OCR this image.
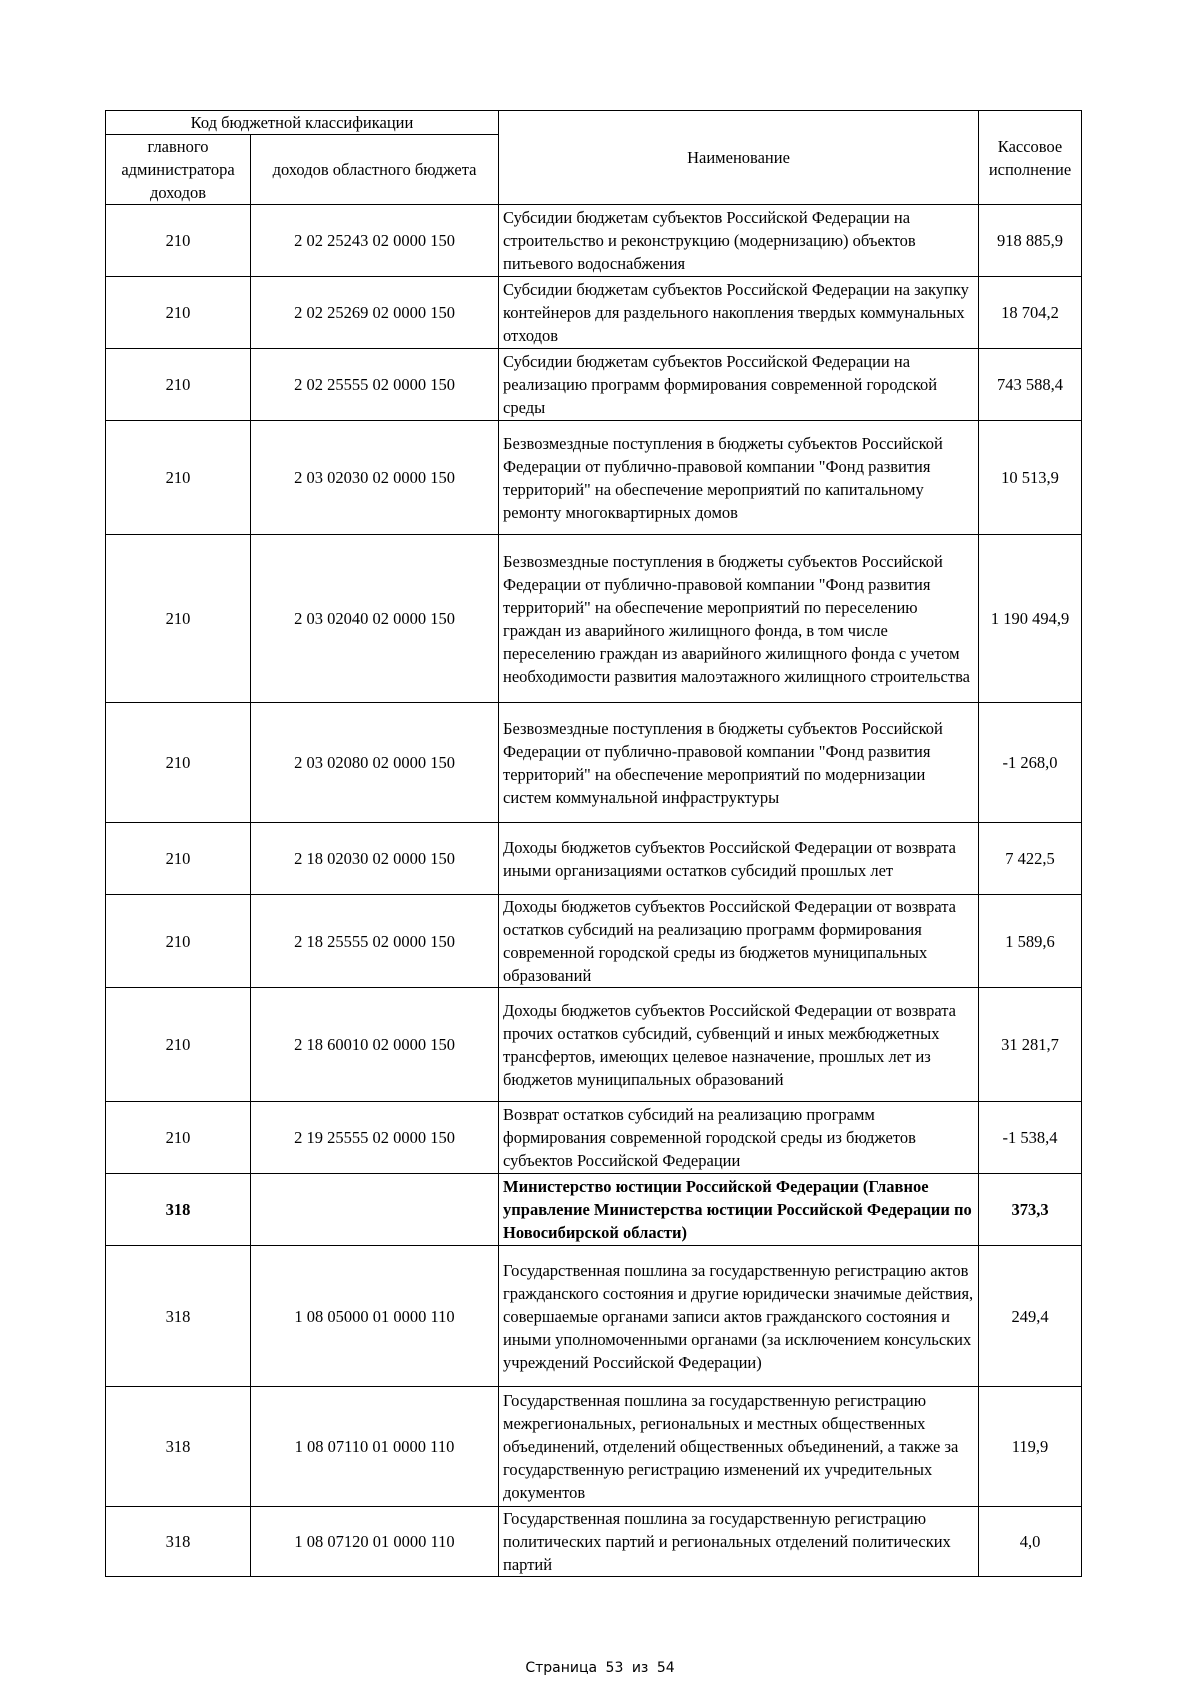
Код бюджетной классификации		Наименование	Кассовое исполнение
главного администратора доходов	доходов областного бюджета		
210	2 02 25243 02 0000 150	Субсидии бюджетам субъектов Российской Федерации на строительство и реконструкцию (модернизацию) объектов питьевого водоснабжения	918 885,9
210	2 02 25269 02 0000 150	Субсидии бюджетам субъектов Российской Федерации на закупку контейнеров для раздельного накопления твердых коммунальных отходов	18 704,2
210	2 02 25555 02 0000 150	Субсидии бюджетам субъектов Российской Федерации на реализацию программ формирования современной городской среды	743 588,4
210	2 03 02030 02 0000 150	Безвозмездные поступления в бюджеты субъектов Российской Федерации от публично-правовой компании "Фонд развития территорий" на обеспечение мероприятий по капитальному ремонту многоквартирных домов	10 513,9
210	2 03 02040 02 0000 150	Безвозмездные поступления в бюджеты субъектов Российской Федерации от публично-правовой компании "Фонд развития территорий" на обеспечение мероприятий по переселению граждан из аварийного жилищного фонда, в том числе переселению граждан из аварийного жилищного фонда с учетом необходимости развития малоэтажного жилищного строительства	1 190 494,9
210	2 03 02080 02 0000 150	Безвозмездные поступления в бюджеты субъектов Российской Федерации от публично-правовой компании "Фонд развития территорий" на обеспечение мероприятий по модернизации систем коммунальной инфраструктуры	-1 268,0
210	2 18 02030 02 0000 150	Доходы бюджетов субъектов Российской Федерации от возврата иными организациями остатков субсидий прошлых лет	7 422,5
210	2 18 25555 02 0000 150	Доходы бюджетов субъектов Российской Федерации от возврата остатков субсидий на реализацию программ формирования современной городской среды из бюджетов муниципальных образований	1 589,6
210	2 18 60010 02 0000 150	Доходы бюджетов субъектов Российской Федерации от возврата прочих остатков субсидий, субвенций и иных межбюджетных трансфертов, имеющих целевое назначение, прошлых лет из бюджетов муниципальных образований	31 281,7
210	2 19 25555 02 0000 150	Возврат остатков субсидий на реализацию программ формирования современной городской среды из бюджетов субъектов Российской Федерации	-1 538,4
318		Министерство юстиции Российской Федерации (Главное управление Министерства юстиции Российской Федерации по Новосибирской области)	373,3
318	1 08 05000 01 0000 110	Государственная пошлина за государственную регистрацию актов гражданского состояния и другие юридически значимые действия, совершаемые органами записи актов гражданского состояния и иными уполномоченными органами (за исключением консульских учреждений Российской Федерации)	249,4
318	1 08 07110 01 0000 110	Государственная пошлина за государственную регистрацию межрегиональных, региональных и местных общественных объединений, отделений общественных объединений, а также за государственную регистрацию изменений их учредительных документов	119,9
318	1 08 07120 01 0000 110	Государственная пошлина за государственную регистрацию политических партий и региональных отделений политических партий	4,0
Страница 53 из 54
